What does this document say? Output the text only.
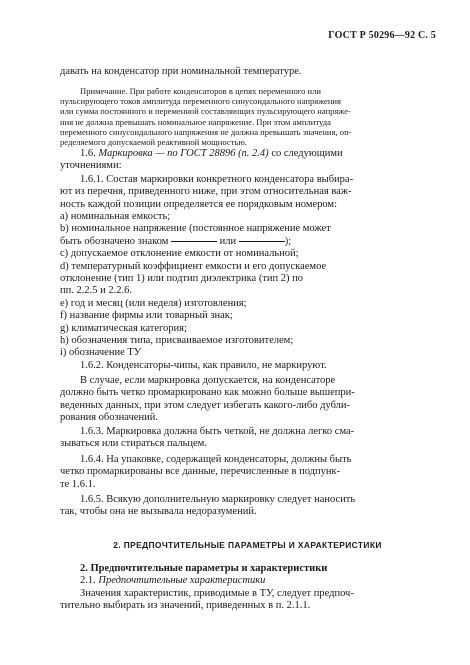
ГОСТ Р 50296—92 С. 5
давать на конденсатор при номинальной температуре.
Примечание. При работе конденсаторов в цепях переменного или
пульсирующего токов амплитуда переменного синусоидального напряжения
или сумма постоянного и переменной составляющих пульсирующего напряже-
ния не должна превышать номинальное напряжение. При этом амплитуда
переменного синусоидального напряжения не должна превышать значения, оп-
ределяемого допускаемой реактивной мощностью.
1.6. Маркировка — по ГОСТ 28896 (п. 2.4) со следующими
уточнениями:
1.6.1. Состав маркировки конкретного конденсатора выбира-
ют из перечня, приведенного ниже, при этом относительная важ-
ность каждой позиции определяется ее порядковым номером:
а) номинальная емкость;
b) номинальное напряжение (постоянное напряжение может
быть обозначено знаком	или	);
c) допускаемое отклонение емкости от номинальной;
d) температурный коэффициент емкости и его допускаемое
отклонение (тип 1) или подтип диэлектрика (тип 2) по
пп. 2.2.5 и 2.2.6.
e) год и месяц (или неделя) изготовления;
f) название фирмы или товарный знак;
g) климатическая категория;
h) обозначения типа, присваиваемое изготовителем;
i) обозначение ТУ
1.6.2. Конденсаторы-чипы, как правило, не маркируют.
В случае, если маркировка допускается, на конденсаторе
должно быть четко промаркировано как можно больше вышепри-
веденных данных, при этом следует избегать какого-либо дубли-
рования обозначений.
1.6.3. Маркировка должна быть четкой, не должна легко сма-
зываться или стираться пальцем.
1.6.4. На упаковке, содержащей конденсаторы, должны быть
четко промаркированы все данные, перечисленные в подпунк-
те 1.6.1.
1.6.5. Всякую дополнительную маркировку следует наносить
так, чтобы она не вызывала недоразумений.
2. ПРЕДПОЧТИТЕЛЬНЫЕ ПАРАМЕТРЫ И ХАРАКТЕРИСТИКИ
2. Предпочтительные параметры и характеристики
2.1. Предпочтительные характеристики
Значения характеристик, приводимые в ТУ, следует предпоч-
тительно выбирать из значений, приведенных в п. 2.1.1.
